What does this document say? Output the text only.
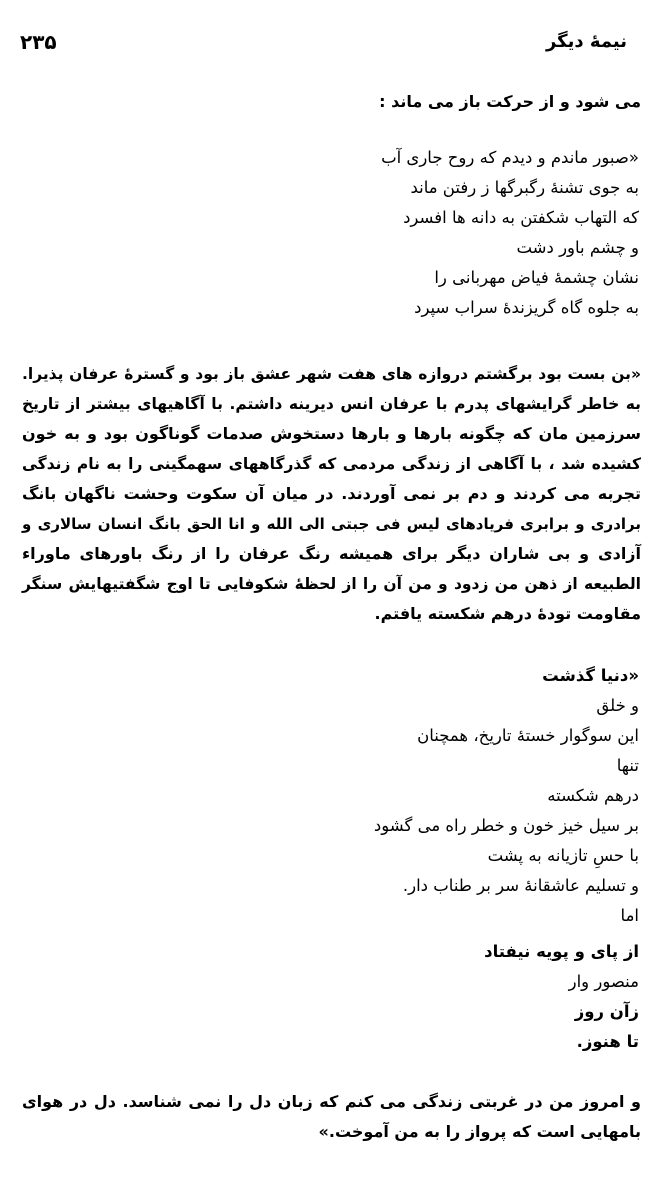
۲۳۵	نیمهٔ دیگر
می شود و از حرکت باز می ماند :
«صبور ماندم و دیدم که روح جاری آب
به جوی تشنهٔ رگبرگها ز رفتن ماند
که التهاب شکفتن به دانه ها افسرد
و چشم باور دشت
نشان چشمهٔ فیاض مهربانی را
به جلوه گاه گریزندهٔ سراب سپرد
«بن بست بود برگشتم دروازه های هفت شهر عشق باز بود و گسترهٔ عرفان پذیرا.
به خاطر گرایشهای پدرم با عرفان انس دیرینه داشتم. با آگاهیهای بیشتر از تاریخ
سرزمین مان که چگونه بارها و بارها دستخوش صدمات گوناگون بود و به خون
کشیده شد ، با آگاهی از زندگی مردمی که گذرگاههای سهمگینی را به نام زندگی
تجربه می کردند و دم بر نمی آوردند. در میان آن سکوت وحشت ناگهان بانگ
برادری و برابری فریادهای لیس فی جبتی الی الله و انا الحق بانگ انسان سالاری و
آزادی و بی شاران دیگر برای همیشه رنگ عرفان را از رنگ باورهای ماوراء
الطبیعه از ذهن من زدود و من آن را از لحظهٔ شکوفایی تا اوج شگفتیهایش سنگر
مقاومت تودهٔ درهم شکسته یافتم.
«دنیا گذشت
و خلق
این سوگوار خستهٔ تاریخ، همچنان
تنها
درهم شکسته
بر سیل خیز خون و خطر راه می گشود
با حسِ تازیانه به پشت
و تسلیم عاشقانهٔ سر بر طناب دار.
اما
از پای و پویه نیفتاد
منصور وار
زآن روز
تا هنوز.
و امروز من در غربتی زندگی می کنم که زبان دل را نمی شناسد. دل در هوای
بامهایی است که پرواز را به من آموخت.»
